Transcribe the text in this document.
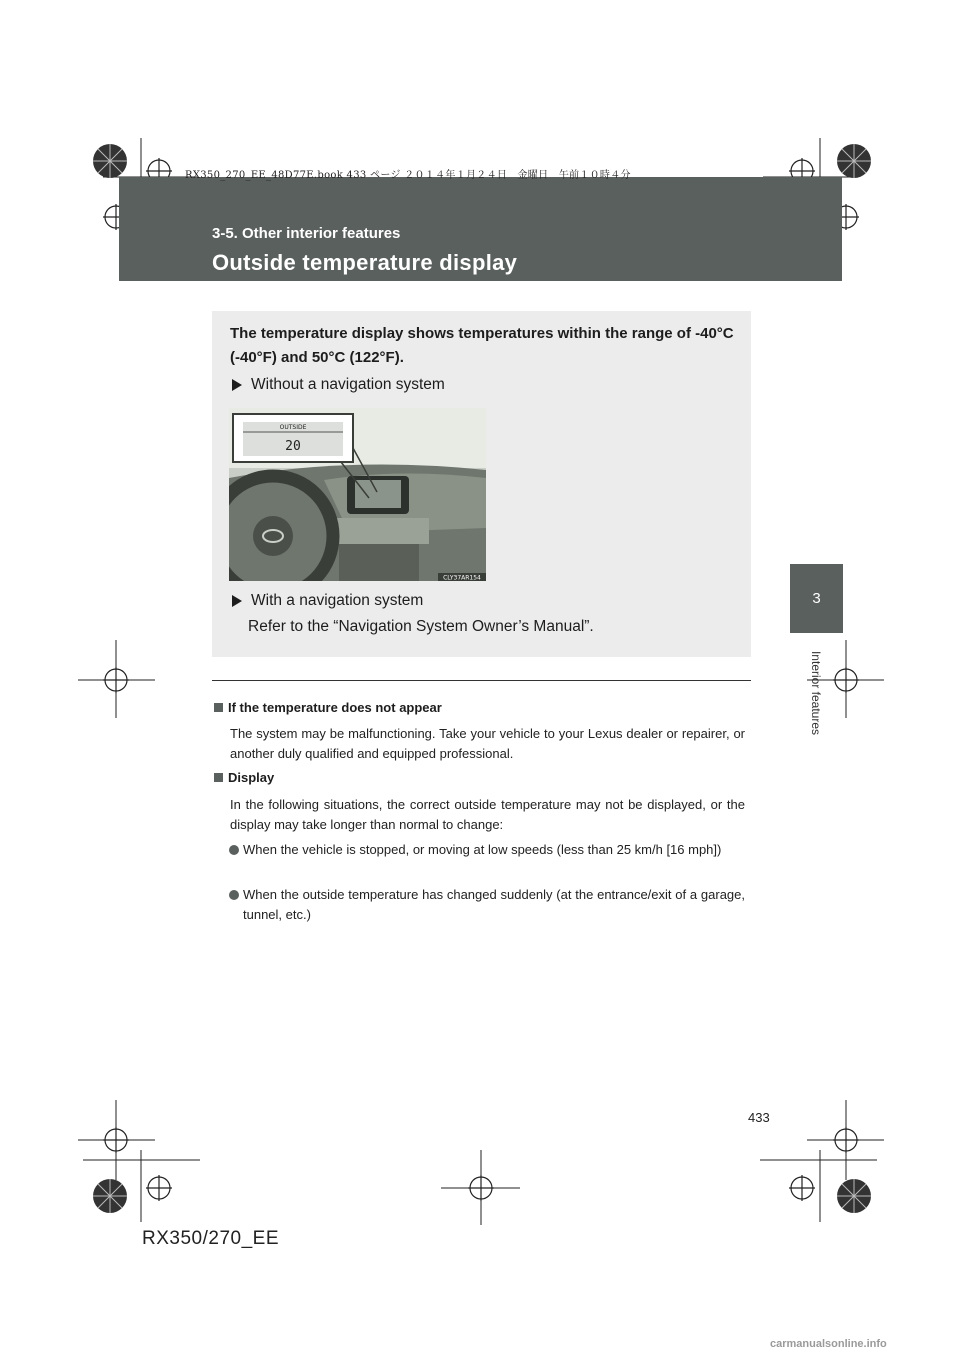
RX350_270_EE_48D77E.book 433 ページ ２０１４年１月２４日　金曜日　午前１０時４分
3-5. Other interior features
Outside temperature display
3
Interior features
The temperature display shows temperatures within the range of -40°C (-40°F) and 50°C (122°F).
Without a navigation system
OUTSIDE
20
CLY37AR154
With a navigation system
Refer to the “Navigation System Owner’s Manual”.
If the temperature does not appear
The system may be malfunctioning. Take your vehicle to your Lexus dealer or repairer, or another duly qualified and equipped professional.
Display
In the following situations, the correct outside temperature may not be displayed, or the display may take longer than normal to change:
When the vehicle is stopped, or moving at low speeds (less than 25 km/h [16 mph])
When the outside temperature has changed suddenly (at the entrance/exit of a garage, tunnel, etc.)
433
RX350/270_EE
carmanualsonline.info
